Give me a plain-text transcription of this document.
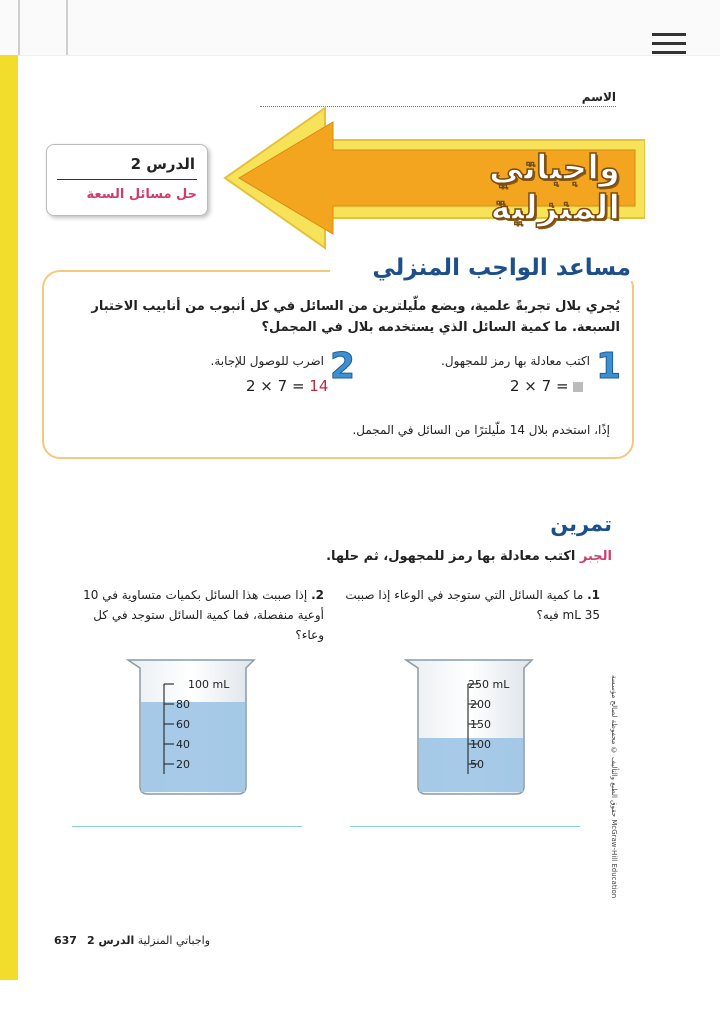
الاسم
واجباتي المنزلية
الدرس 2
حل مسائل السعة
مساعد الواجب المنزلي
يُجري بلال تجربةً علمية، ويضع ملّيلترين من السائل في كل أنبوب من أنابيب الاختبار السبعة. ما كمية السائل الذي يستخدمه بلال في المجمل؟
1
اكتب معادلة بها رمز للمجهول.
2 × 7 =
2
اضرب للوصول للإجابة.
2 × 7 = 14
إذًا، استخدم بلال 14 ملّيلترًا من السائل في المجمل.
تمرين
الجبر اكتب معادلة بها رمز للمجهول، ثم حلها.
1. ما كمية السائل التي ستوجد في الوعاء إذا صببت 35 mL فيه؟
2. إذا صببت هذا السائل بكميات متساوية في 10 أوعية منفصلة، فما كمية السائل ستوجد في كل وعاء؟
200
150
100
50
250 mL
80
60
40
20
100 mL	حقوق الطبع والتأليف © محفوظة لصالح مؤسسة McGraw-Hill Education
637	واجباتي المنزلية الدرس 2
